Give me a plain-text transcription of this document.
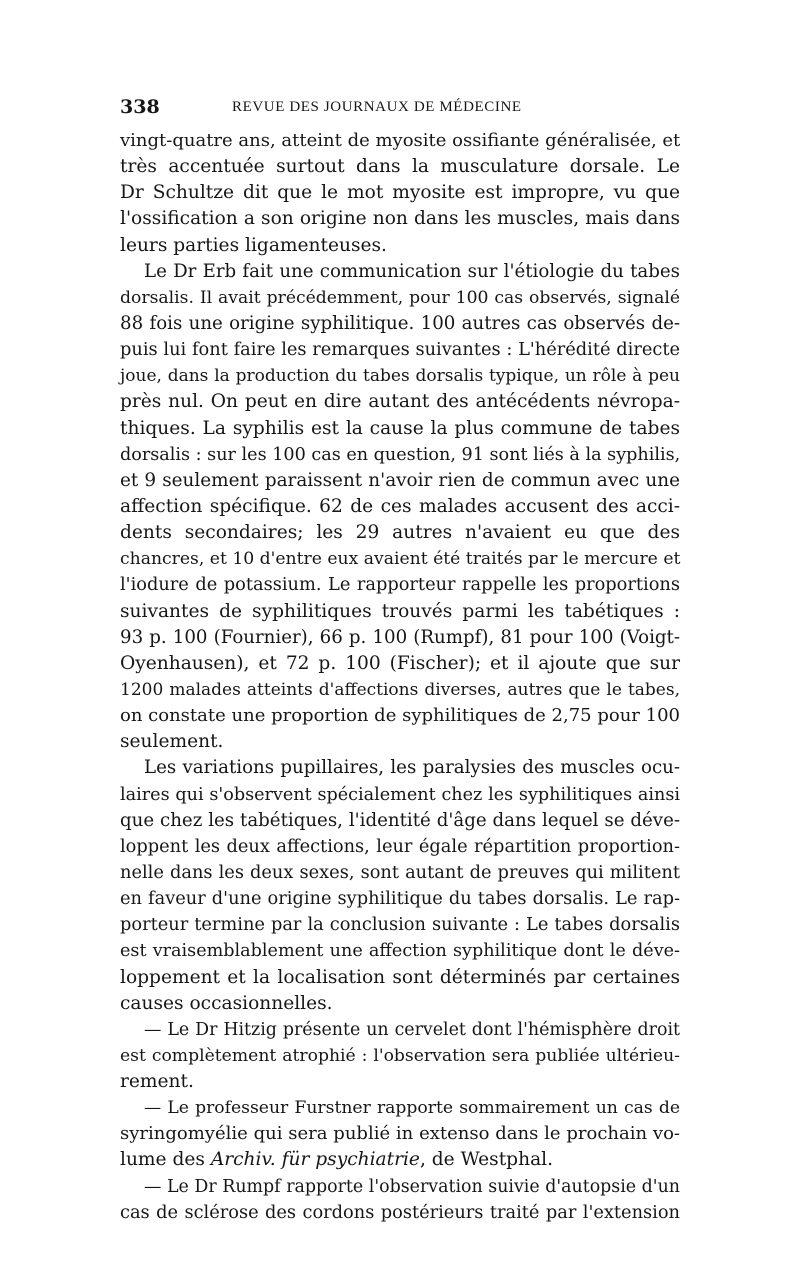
338	REVUE DES JOURNAUX DE MÉDECINE
vingt-quatre ans, atteint de myosite ossifiante généralisée, et
très accentuée surtout dans la musculature dorsale. Le
Dr Schultze dit que le mot myosite est impropre, vu que
l'ossification a son origine non dans les muscles, mais dans
leurs parties ligamenteuses.
Le Dr Erb fait une communication sur l'étiologie du tabes
dorsalis. Il avait précédemment, pour 100 cas observés, signalé
88 fois une origine syphilitique. 100 autres cas observés de-
puis lui font faire les remarques suivantes : L'hérédité directe
joue, dans la production du tabes dorsalis typique, un rôle à peu
près nul. On peut en dire autant des antécédents névropa-
thiques. La syphilis est la cause la plus commune de tabes
dorsalis : sur les 100 cas en question, 91 sont liés à la syphilis,
et 9 seulement paraissent n'avoir rien de commun avec une
affection spécifique. 62 de ces malades accusent des acci-
dents secondaires; les 29 autres n'avaient eu que des
chancres, et 10 d'entre eux avaient été traités par le mercure et
l'iodure de potassium. Le rapporteur rappelle les proportions
suivantes de syphilitiques trouvés parmi les tabétiques :
93 p. 100 (Fournier), 66 p. 100 (Rumpf), 81 pour 100 (Voigt-
Oyenhausen), et 72 p. 100 (Fischer); et il ajoute que sur
1200 malades atteints d'affections diverses, autres que le tabes,
on constate une proportion de syphilitiques de 2,75 pour 100
seulement.
Les variations pupillaires, les paralysies des muscles ocu-
laires qui s'observent spécialement chez les syphilitiques ainsi
que chez les tabétiques, l'identité d'âge dans lequel se déve-
loppent les deux affections, leur égale répartition proportion-
nelle dans les deux sexes, sont autant de preuves qui militent
en faveur d'une origine syphilitique du tabes dorsalis. Le rap-
porteur termine par la conclusion suivante : Le tabes dorsalis
est vraisemblablement une affection syphilitique dont le déve-
loppement et la localisation sont déterminés par certaines
causes occasionnelles.
— Le Dr Hitzig présente un cervelet dont l'hémisphère droit
est complètement atrophié : l'observation sera publiée ultérieu-
rement.
— Le professeur Furstner rapporte sommairement un cas de
syringomyélie qui sera publié in extenso dans le prochain vo-
lume des Archiv. für psychiatrie, de Westphal.
— Le Dr Rumpf rapporte l'observation suivie d'autopsie d'un
cas de sclérose des cordons postérieurs traité par l'extension
